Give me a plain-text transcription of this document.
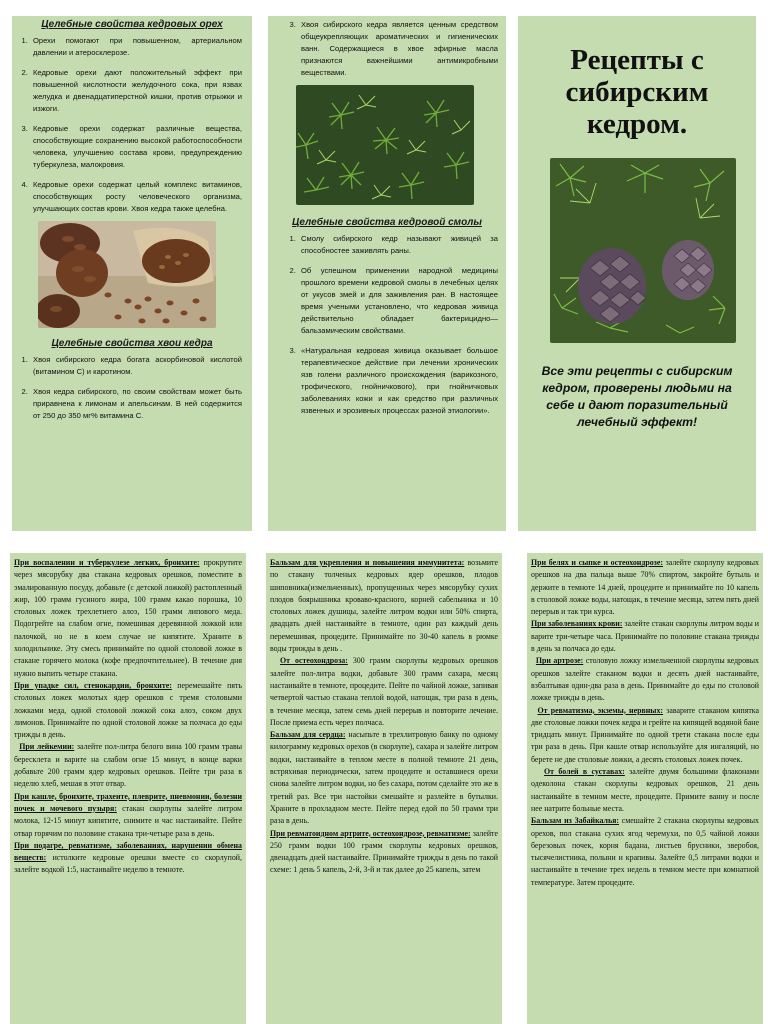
Целебные свойства кедровых орех
1. Орехи помогают при повышенном, артериальном давлении и атеросклерозе.
2. Кедровые орехи дают положительный эффект при повышенной кислотности желудочного сока, при язвах желудка и двенадцатиперстной кишки, против отрыжки и изжоги.
3. Кедровые орехи содержат различные вещества, способствующие сохранению высокой работоспособности человека, улучшению состава крови, предупреждению туберкулеза, малокровия.
4. Кедровые орехи содержат целый комплекс витаминов, способствующих росту человеческого организма, улучшающих состав крови. Хвоя кедра также целебна.
Целебные свойства хвои кедра
1. Хвоя сибирского кедра богата аскорбиновой кислотой (витамином С) и каротином.
2. Хвоя кедра сибирского, по своим свойствам может быть приравнена к лимонам и апельсинам. В ней содержится от 250 до 350 мг% витамина С.
3. Хвоя сибирского кедра является ценным средством общеукрепляющих ароматических и гигиенических ванн. Содержащиеся в хвое эфирные масла признаются важнейшими антимикробными веществами.
Целебные свойства кедровой смолы
1. Смолу сибирского кедр называют живицей за способностее заживлять раны.
2. Об успешном применении народной медицины прошлого времени кедровой смолы в лечебных целях от укусов змей и для заживления ран. В настоящее время учеными установлено, что кедровая живица действительно обладает бактерицидно—бальзамическим свойствами.
3. «Натуральная кедровая живица оказывает большое терапевтическое действие при лечении хронических язв голени различного происхождения (варикозного, трофического, гнойничкового), при гнойничковых заболеваниях кожи и как средство при различных язвенных и эрозивных процессах разной этиологии».
Рецепты с сибирским кедром.
Все эти рецепты с сибирским кедром, проверены людьми на себе и дают поразительный лечебный эффект!

При воспалении и туберкулезе легких, бронхите: прокрутите через мясорубку два стакана кедровых орешков, поместите в эмалированную посуду, добавьте (с детской ложкой) растопленный жир, 100 грамм гусиного жира, 100 грамм какао порошка, 10 столовых ложек трехлетнего алоэ, 150 грамм липового меда. Подогрейте на слабом огне, помешивая деревянной ложкой или палочкой, но не в коем случае не кипятите. Храните в холодильнике. Эту смесь принимайте по одной столовой ложке в стакане горячего молока (кофе предпочтительнее). В течение дня нужно выпить четыре стакана.

При упадке сил, стенокардии, бронхите: перемешайте пять столовых ложек молотых ядер орешков с тремя столовыми ложками меда, одной столовой ложкой сока алоэ, соком двух лимонов. Принимайте по одной столовой ложке за полчаса до еды трижды в день.

При лейкемии: залейте пол-литра белого вина 100 грамм травы бересклета и варите на слабом огне 15 минут, в конце варки добавьте 200 грамм ядер кедровых орешков. Пейте три раза в неделю хлеб, мешая в этот отвар.

При кашле, бронхите, трахеите, плеврите, пневмонии, болезни почек и мочевого пузыря: стакан скорлупы залейте литром молока, 12-15 минут кипятите, снимите и час настаивайте. Пейте отвар горячим по половине стакана три-четыре раза в день.

При подагре, ревматизме, заболеваниях, нарушении обмена веществ: истолките кедровые орешки вместе со скорлупой, залейте водкой 1:5, настаивайте неделю в темноте.

Бальзам для укрепления и повышения иммунитета: возьмите по стакану толченых кедровых ядер орешков, плодов шиповника(измельченных), пропущенных через мясорубку сухих плодов боярышника кроваво-красного, корней сабельника и 10 столовых ложек душицы, залейте литром водки или 50% спирта, двадцать дней настаивайте в темноте, один раз каждый день перемешивая, процедите. Принимайте по 30-40 капель в рюмке воды трижды в день .

От остеохондроза: 300 грамм скорлупы кедровых орешков залейте пол-литра водки, добавьте 300 грамм сахара, месяц настаивайте в темноте, процедите. Пейте по чайной ложке, запивая четвертой частью стакана теплой водой, натощак, три раза в день, в течение месяца, затем семь дней перерыв и повторите лечение. После приема есть через полчаса.

Бальзам для сердца: насыпьте в трехлитровую банку по одному килограмму кедровых орехов (в скорлупе), сахара и залейте литром водки, настаивайте в теплом месте в полной темноте 21 день, встряхивая периодически, затем процедите и оставшиеся орехи снова залейте литром водки, но без сахара, потом сделайте это же в третий раз. Все три настойки смешайте и разлейте в бутылки. Храните в прохладном месте. Пейте перед едой по 50 грамм три раза в день.

При ревматоидном артрите, остеохондрозе, ревматизме: залейте 250 грамм водки 100 грамм скорлупы кедровых орешков, двенадцать дней настаивайте. Принимайте трижды в день по такой схеме: 1 день 5 капель, 2-й, 3-й и так далее до 25 капель, затем

При белях и сыпке и остеохондрозе: залейте скорлупу кедровых орешков на два пальца выше 70% спиртом, закройте бутыль и держите в темноте 14 дней, процедите и принимайте по 10 капель в столовой ложке воды, натощак, в течение месяца, затем пять дней перерыв и так три курса.

При заболеваниях крови: залейте стакан скорлупы литром воды и варите три-четыре часа. Принимайте по половине стакана трижды в день за полчаса до еды.

При артрозе: столовую ложку измельченной скорлупы кедровых орешков залейте стаканом водки и десять дней настаивайте, взбалтывая один-два раза в день. Принимайте до еды по столовой ложке трижды в день.

От ревматизма, экземы, нервных: заварите стаканом кипятка две столовые ложки почек кедра и грейте на кипящей водяной бане тридцать минут. Принимайте по одной трети стакана после еды три раза в день. При кашле отвар используйте для ингаляций, но берете не две столовые ложки, а десять столовых ложек почек.

От болей в суставах: залейте двумя большими флаконами одеколона стакан скорлупы кедровых орешков, 21 день настаивайте в темном месте, процедите. Примите ванну и после нее натрите больные места.

Бальзам из Забайкалья: смешайте 2 стакана скорлупы кедровых орехов, пол стакана сухих ягод черемухи, по 0,5 чайной ложки березовых почек, корня бадана, листьев брусники, зверобоя, тысячелистника, полыни и крапивы. Залейте 0,5 литрами водки и настаивайте в течение трех недель в темном месте при комнатной температуре. Затем процедите.
